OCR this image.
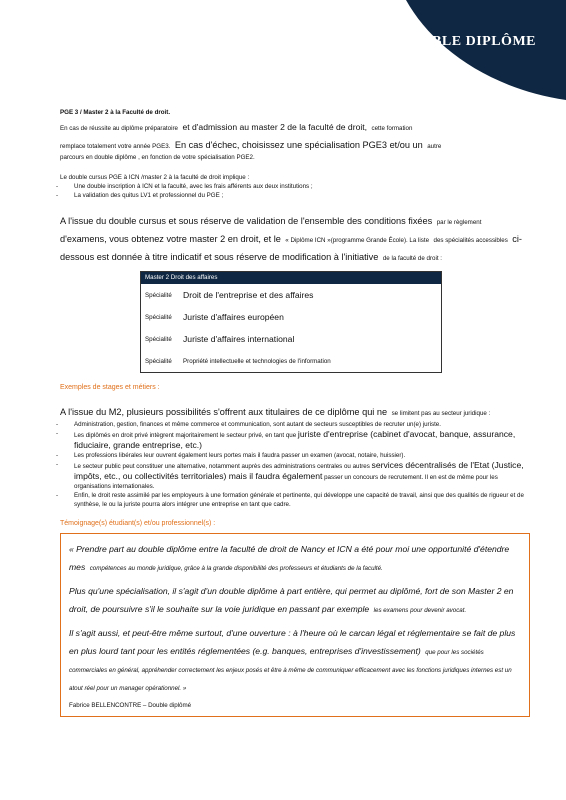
DOUBLE DIPLÔME

PGE 3 / Master 2 à la Faculté de droit.

En cas de réussite au diplôme préparatoire et d'admission au master 2 de la faculté de droit, cette formation

remplace totalement votre année PGE3. En cas d'échec, choisissez une spécialisation PGE3 et/ou un autre

parcours en double diplôme , en fonction de votre spécialisation PGE2.

Le double cursus PGE à ICN /master 2 à la faculté de droit implique :

- Une double inscription à ICN et la faculté, avec les frais afférents aux deux institutions ;
- La validation des quitus LV1 et professionnel du PGE ;

A l'issue du double cursus et sous réserve de validation de l'ensemble des conditions fixées par le règlement d'examens, vous obtenez votre master 2 en droit, et le « Diplôme ICN »(programme Grande École). La liste des spécialités accessibles ci-dessous est donnée à titre indicatif et sous réserve de modification à l'initiative de la faculté de droit :

Master 2 Droit des affaires
Spécialité	Droit de l'entreprise et des affaires
Spécialité	Juriste d'affaires européen
Spécialité	Juriste d'affaires international
Spécialité	Propriété intellectuelle et technologies de l'information

Exemples de stages et métiers :

A l'issue du M2, plusieurs possibilités s'offrent aux titulaires de ce diplôme qui ne se limitent pas au secteur juridique :

- Administration, gestion, finances et même commerce et communication, sont autant de secteurs susceptibles de recruter un(e) juriste.
- Les diplômés en droit privé intègrent majoritairement le secteur privé, en tant que juriste d'entreprise (cabinet d'avocat, banque, assurance, fiduciaire, grande entreprise, etc.)
- Les professions libérales leur ouvrent également leurs portes mais il faudra passer un examen (avocat, notaire, huissier).
- Le secteur public peut constituer une alternative, notamment auprès des administrations centrales ou autres services décentralisés de l'Etat (Justice, impôts, etc., ou collectivités territoriales) mais il faudra également passer un concours de recrutement. Il en est de même pour les organisations internationales.
- Enfin, le droit reste assimilé par les employeurs à une formation générale et pertinente, qui développe une capacité de travail, ainsi que des qualités de rigueur et de synthèse, le ou la juriste pourra alors intégrer une entreprise en tant que cadre.

Témoignage(s) étudiant(s) et/ou professionnel(s) :

« Prendre part au double diplôme entre la faculté de droit de Nancy et ICN a été pour moi une opportunité d'étendre mes compétences au monde juridique, grâce à la grande disponibilité des professeurs et étudiants de la faculté.

Plus qu'une spécialisation, il s'agit d'un double diplôme à part entière, qui permet au diplômé, fort de son Master 2 en droit, de poursuivre s'il le souhaite sur la voie juridique en passant par exemple les examens pour devenir avocat.

Il s'agit aussi, et peut-être même surtout, d'une ouverture : à l'heure où le carcan légal et réglementaire se fait de plus en plus lourd tant pour les entités réglementées (e.g. banques, entreprises d'investissement) que pour les sociétés commerciales en général, appréhender correctement les enjeux posés et être à même de communiquer efficacement avec les fonctions juridiques internes est un atout réel pour un manager opérationnel. »

Fabrice BELLENCONTRE – Double diplômé
